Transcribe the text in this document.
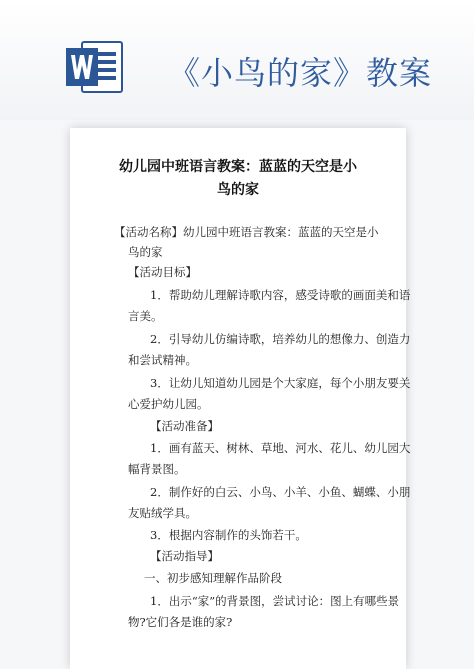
《小鸟的家》教案
幼儿园中班语言教案：蓝蓝的天空是小
鸟的家
【活动名称】幼儿园中班语言教案：蓝蓝的天空是小
鸟的家
【活动目标】
1．帮助幼儿理解诗歌内容，感受诗歌的画面美和语
言美。
2．引导幼儿仿编诗歌，培养幼儿的想像力、创造力
和尝试精神。
3．让幼儿知道幼儿园是个大家庭，每个小朋友要关
心爱护幼儿园。
【活动准备】
1．画有蓝天、树林、草地、河水、花儿、幼儿园大
幅背景图。
2．制作好的白云、小鸟、小羊、小鱼、蝴蝶、小朋
友贴绒学具。
3．根据内容制作的头饰若干。
【活动指导】
一、初步感知理解作品阶段
1．出示“家”的背景图，尝试讨论：图上有哪些景
物?它们各是谁的家?
